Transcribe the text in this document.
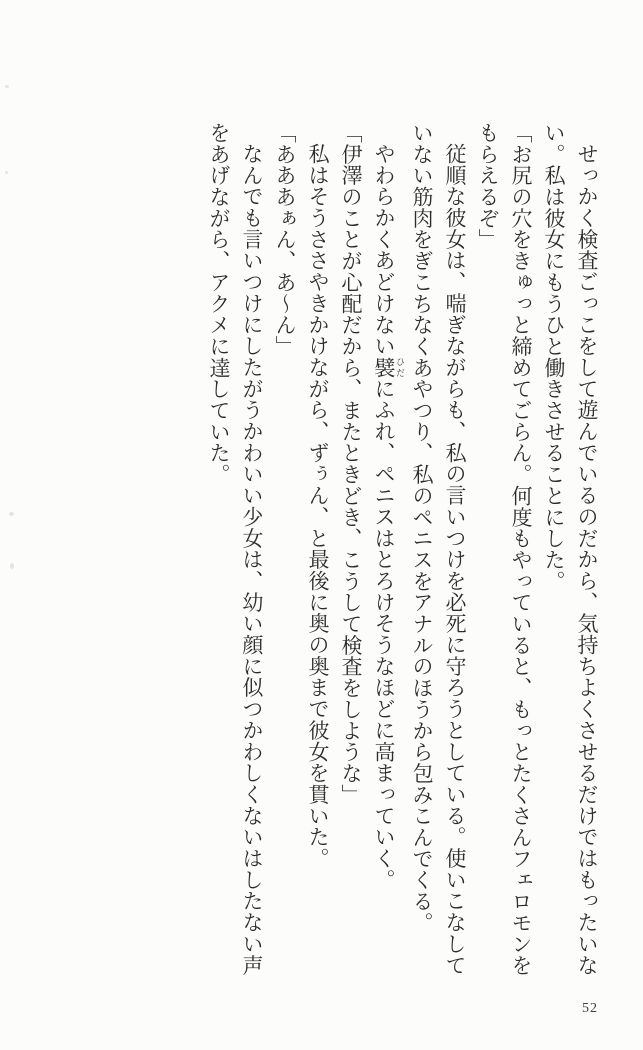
せっかく検査ごっこをして遊んでいるのだから、気持ちよくさせるだけではもったいない。私は彼女にもうひと働きさせることにした。

「お尻の穴をきゅっと締めてごらん。何度もやっていると、もっとたくさんフェロモンをもらえるぞ」

従順な彼女は、喘ぎながらも、私の言いつけを必死に守ろうとしている。使いこなしていない筋肉をぎこちなくあやつり、私のペニスをアナルのほうから包みこんでくる。

やわらかくあどけない襞 ひだにふれ、ペニスはとろけそうなほどに高まっていく。

「伊澤のことが心配だから、またときどき、こうして検査をしような」

私はそうささやきかけながら、ずぅん、と最後に奥の奥まで彼女を貫いた。

「あああぁん、あ〜ん」

なんでも言いつけにしたがうかわいい少女は、幼い顔に似つかわしくないはしたない声をあげながら、アクメに達していた。

52
